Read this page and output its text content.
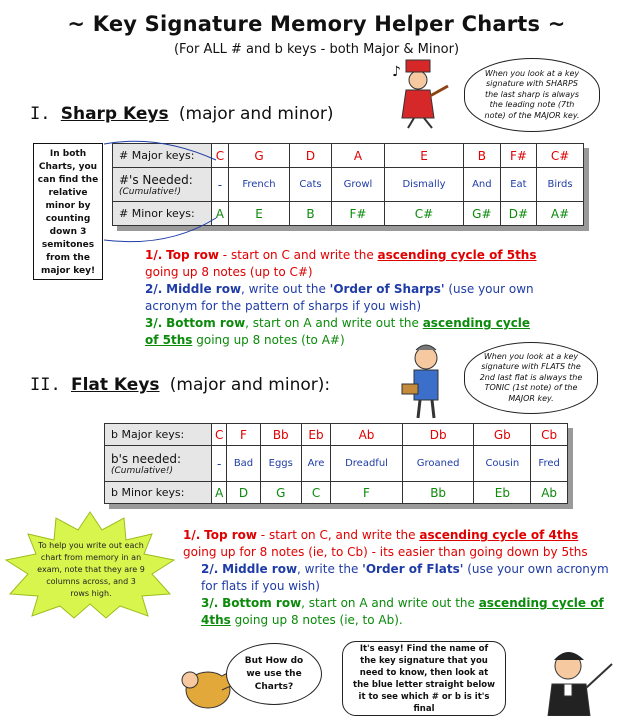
~ Key Signature Memory Helper Charts ~
(For ALL # and b keys - both Major & Minor)
I. Sharp Keys (major and minor)
♪	When you look at a key signature with SHARPS the last sharp is always the leading note (7th note) of the MAJOR key.
In both Charts, you can find the relative minor by counting down 3 semitones from the major key!
# Major keys:	C	G	D	A	E	B	F#	C#

#'s Needed:
(Cumulative!)	-	French	Cats	Growl	Dismally	And	Eat	Birds
# Minor keys:	A	E	B	F#	C#	G#	D#	A#
1/. Top row - start on C and write the ascending cycle of 5ths going up 8 notes (up to C#)
2/. Middle row, write out the 'Order of Sharps' (use your own acronym for the pattern of sharps if you wish)
3/. Bottom row, start on A and write out the ascending cycle of 5ths going up 8 notes (to A#)
When you look at a key signature with FLATS the 2nd last flat is always the TONIC (1st note) of the MAJOR key.
II. Flat Keys (major and minor):
b Major keys:	C	F	Bb	Eb	Ab	Db	Gb	Cb

b's needed:
(Cumulative!)	-	Bad	Eggs	Are	Dreadful	Groaned	Cousin	Fred
b Minor keys:	A	D	G	C	F	Bb	Eb	Ab
To help you write out each chart from memory in an exam, note that they are 9 columns across, and 3 rows high.
1/. Top row - start on C, and write the ascending cycle of 4ths going up for 8 notes (ie, to Cb) - its easier than going down by 5ths
2/. Middle row, write the 'Order of Flats' (use your own acronym for flats if you wish)
3/. Bottom row, start on A and write out the ascending cycle of 4ths going up 8 notes (ie, to Ab).
But How do we use the Charts?
It's easy! Find the name of the key signature that you need to know, then look at the blue letter straight below it to see which # or b is it's final
